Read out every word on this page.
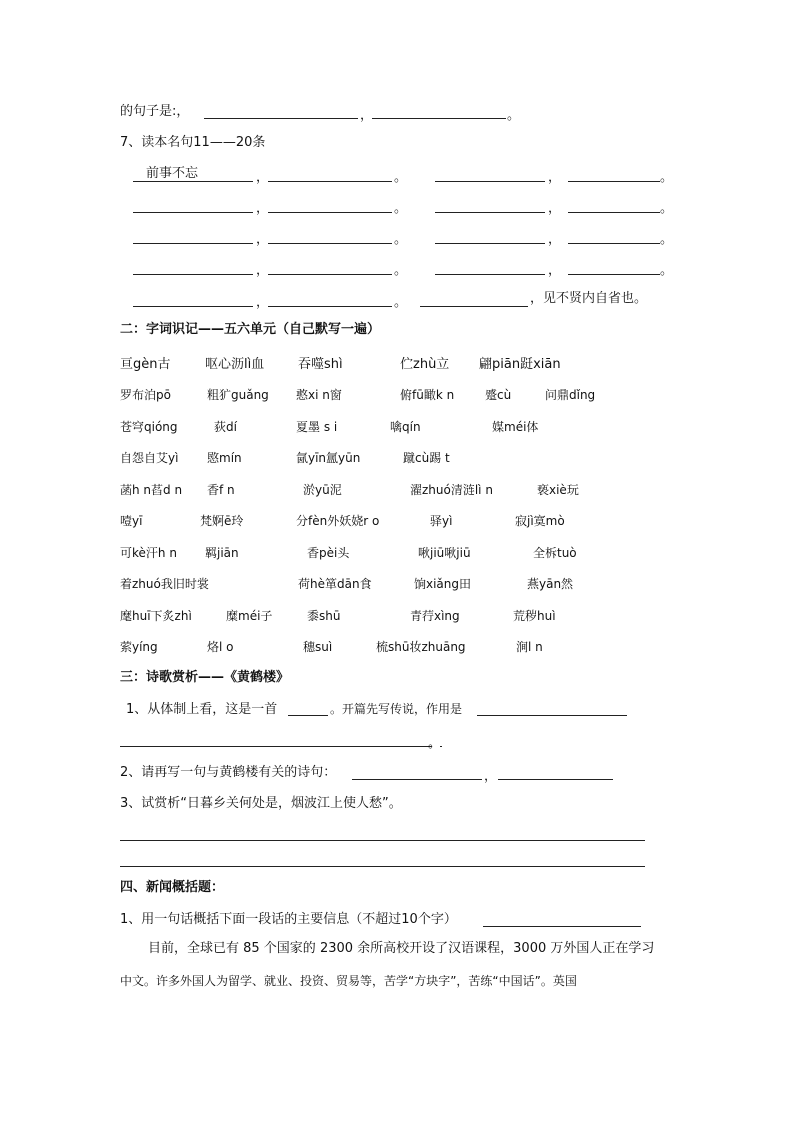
的句子是:，	，	。
7、读本名句11——20条
前事不忘	，	。	，	。
，	。	，	。
，	。	，	。
，	。	，	。
，	。	，见不贤内自省也。
二：字词识记——五六单元（自己默写一遍）
亘gèn古	呕心沥lì血	吞噬shì	伫zhù立 翩piān跹xiān
罗布泊pō	粗犷guǎng 憨xi n窗	俯fū瞰k n	蹙cù	问鼎dǐng
苍穹qióng	荻dí	夏墨 s i	噙qín	媒méi体
自怨自艾yì 愍mín	氤yīn氲yūn	蹴cù踢 t
菡h n萏d n 香f n	淤yū泥	濯zhuó清涟lì n	亵xiè玩
噎yī	梵婀ē玲	分fèn外妖娆r o	驿yì	寂jì寞mò
可kè汗h n 羁jiān	香pèi头	啾jiū啾jiū	全柝tuò
着zhuó我旧时裳	荷hè箪dān食	饷xiǎng田	燕yān然
麾huī下炙zhì	糜méi子	黍shū	青荇xìng	荒秽huì
萦yíng	烙l o	穗suì	梳shū妆zhuāng	涧l n
三：诗歌赏析——《黄鹤楼》
1、从体制上看，这是一首	。开篇先写传说，作用是
。
2、请再写一句与黄鹤楼有关的诗句：	，
3、试赏析“日暮乡关何处是，烟波江上使人愁”。
四、新闻概括题：
1、用一句话概括下面一段话的主要信息（不超过10个字）
目前，全球已有 85 个国家的 2300 余所高校开设了汉语课程，3000 万外国人正在学习
中文。许多外国人为留学、就业、投资、贸易等，苦学“方块字”，苦练“中国话”。英国
